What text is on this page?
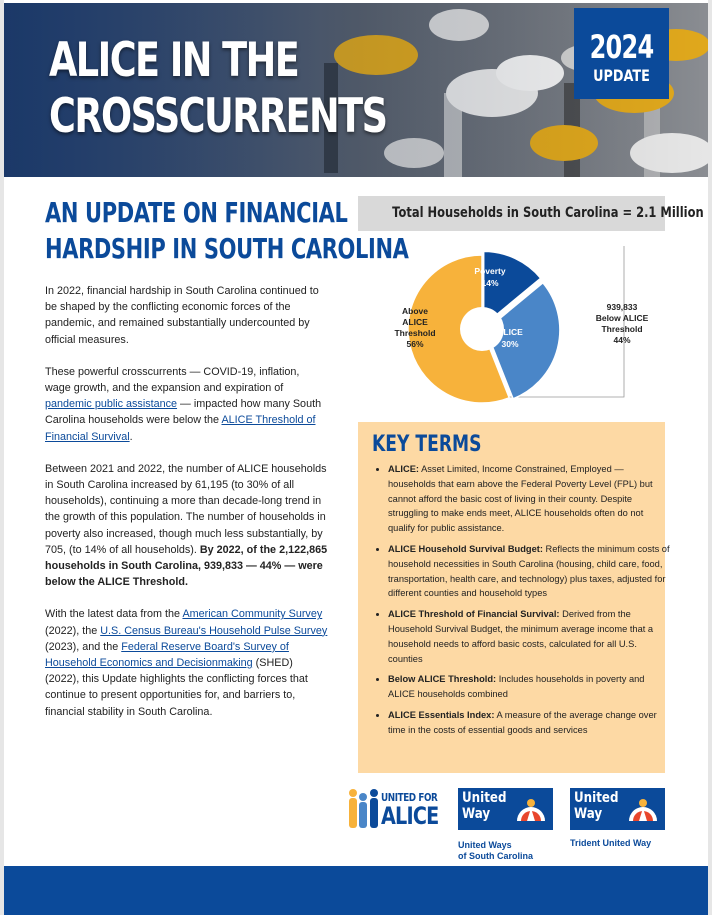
ALICE IN THE
CROSSCURRENTS
2024
UPDATE
AN UPDATE ON FINANCIAL
HARDSHIP IN SOUTH CAROLINA

In 2022, financial hardship in South Carolina continued to be shaped by the conflicting economic forces of the pandemic, and remained substantially undercounted by official measures.

These powerful crosscurrents — COVID-19, inflation, wage growth, and the expansion and expiration of pandemic public assistance — impacted how many South Carolina households were below the ALICE Threshold of Financial Survival.

Between 2021 and 2022, the number of ALICE households in South Carolina increased by 61,195 (to 30% of all households), continuing a more than decade-long trend in the growth of this population. The number of households in poverty also increased, though much less substantially, by 705, (to 14% of all households). By 2022, of the 2,122,865 households in South Carolina, 939,833 — 44% — were below the ALICE Threshold.

With the latest data from the American Community Survey (2022), the U.S. Census Bureau's Household Pulse Survey (2023), and the Federal Reserve Board's Survey of Household Economics and Decisionmaking (SHED) (2022), this Update highlights the conflicting forces that continue to present opportunities for, and barriers to, financial stability in South Carolina.

Total Households in South Carolina = 2.1 Million
Poverty
14%
ALICE
30%
Above
ALICE
Threshold
56%
939,833
Below ALICE
Threshold
44%
KEY TERMS
• ALICE: Asset Limited, Income Constrained, Employed — households that earn above the Federal Poverty Level (FPL) but cannot afford the basic cost of living in their county. Despite struggling to make ends meet, ALICE households often do not qualify for public assistance.
• ALICE Household Survival Budget: Reflects the minimum costs of household necessities in South Carolina (housing, child care, food, transportation, health care, and technology) plus taxes, adjusted for different counties and household types
• ALICE Threshold of Financial Survival: Derived from the Household Survival Budget, the minimum average income that a household needs to afford basic costs, calculated for all U.S. counties
• Below ALICE Threshold: Includes households in poverty and ALICE households combined
• ALICE Essentials Index: A measure of the average change over time in the costs of essential goods and services
UNITED FOR
ALICE
United
Way
United Ways
of South Carolina
United
Way
Trident United Way
